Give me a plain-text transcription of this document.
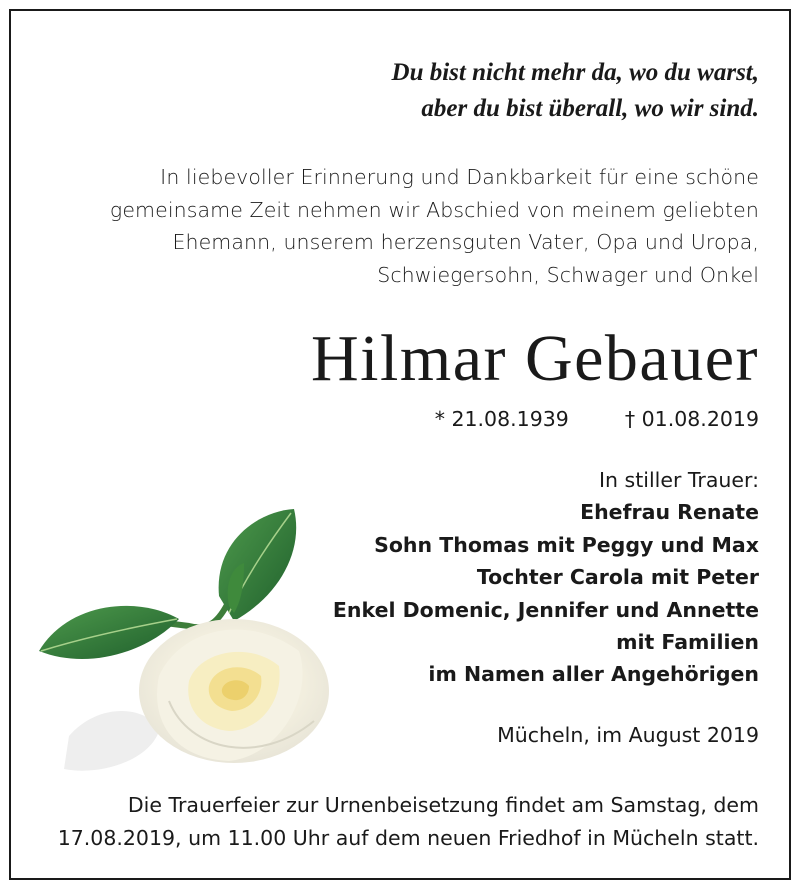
Du bist nicht mehr da, wo du warst,
aber du bist überall, wo wir sind.
In liebevoller Erinnerung und Dankbarkeit für eine schöne
gemeinsame Zeit nehmen wir Abschied von meinem geliebten
Ehemann, unserem herzensguten Vater, Opa und Uropa,
Schwiegersohn, Schwager und Onkel
Hilmar Gebauer
* 21.08.1939	† 01.08.2019
In stiller Trauer:
Ehefrau Renate
Sohn Thomas mit Peggy und Max
Tochter Carola mit Peter
Enkel Domenic, Jennifer und Annette
mit Familien
im Namen aller Angehörigen
Mücheln, im August 2019
Die Trauerfeier zur Urnenbeisetzung findet am Samstag, dem
17.08.2019, um 11.00 Uhr auf dem neuen Friedhof in Mücheln statt.
